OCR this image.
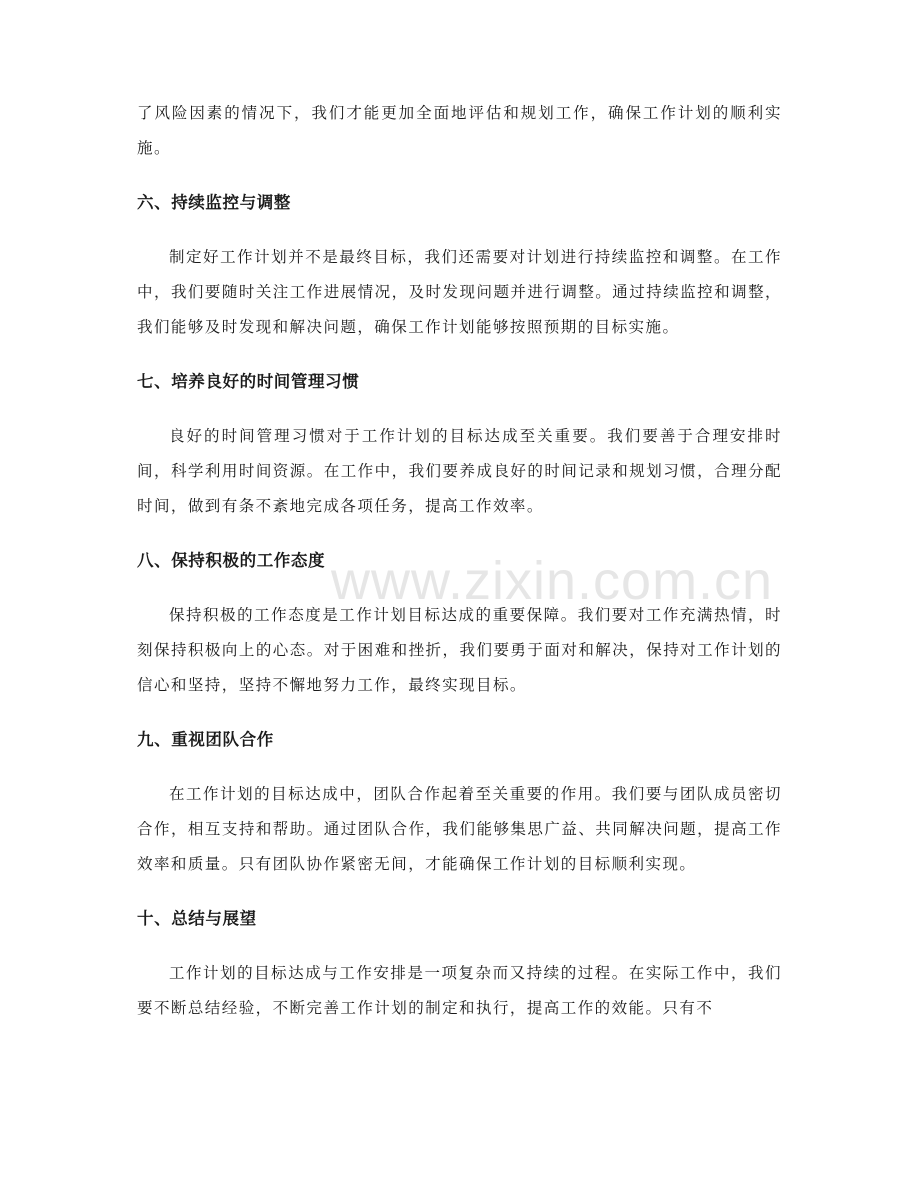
www.zixin.com.cn

了风险因素的情况下，我们才能更加全面地评估和规划工作，确保工作计划的顺利实施。

六、持续监控与调整

制定好工作计划并不是最终目标，我们还需要对计划进行持续监控和调整。在工作中，我们要随时关注工作进展情况，及时发现问题并进行调整。通过持续监控和调整，我们能够及时发现和解决问题，确保工作计划能够按照预期的目标实施。

七、培养良好的时间管理习惯

良好的时间管理习惯对于工作计划的目标达成至关重要。我们要善于合理安排时间，科学利用时间资源。在工作中，我们要养成良好的时间记录和规划习惯，合理分配时间，做到有条不紊地完成各项任务，提高工作效率。

八、保持积极的工作态度

保持积极的工作态度是工作计划目标达成的重要保障。我们要对工作充满热情，时刻保持积极向上的心态。对于困难和挫折，我们要勇于面对和解决，保持对工作计划的信心和坚持，坚持不懈地努力工作，最终实现目标。

九、重视团队合作

在工作计划的目标达成中，团队合作起着至关重要的作用。我们要与团队成员密切合作，相互支持和帮助。通过团队合作，我们能够集思广益、共同解决问题，提高工作效率和质量。只有团队协作紧密无间，才能确保工作计划的目标顺利实现。

十、总结与展望

工作计划的目标达成与工作安排是一项复杂而又持续的过程。在实际工作中，我们要不断总结经验，不断完善工作计划的制定和执行，提高工作的效能。只有不
